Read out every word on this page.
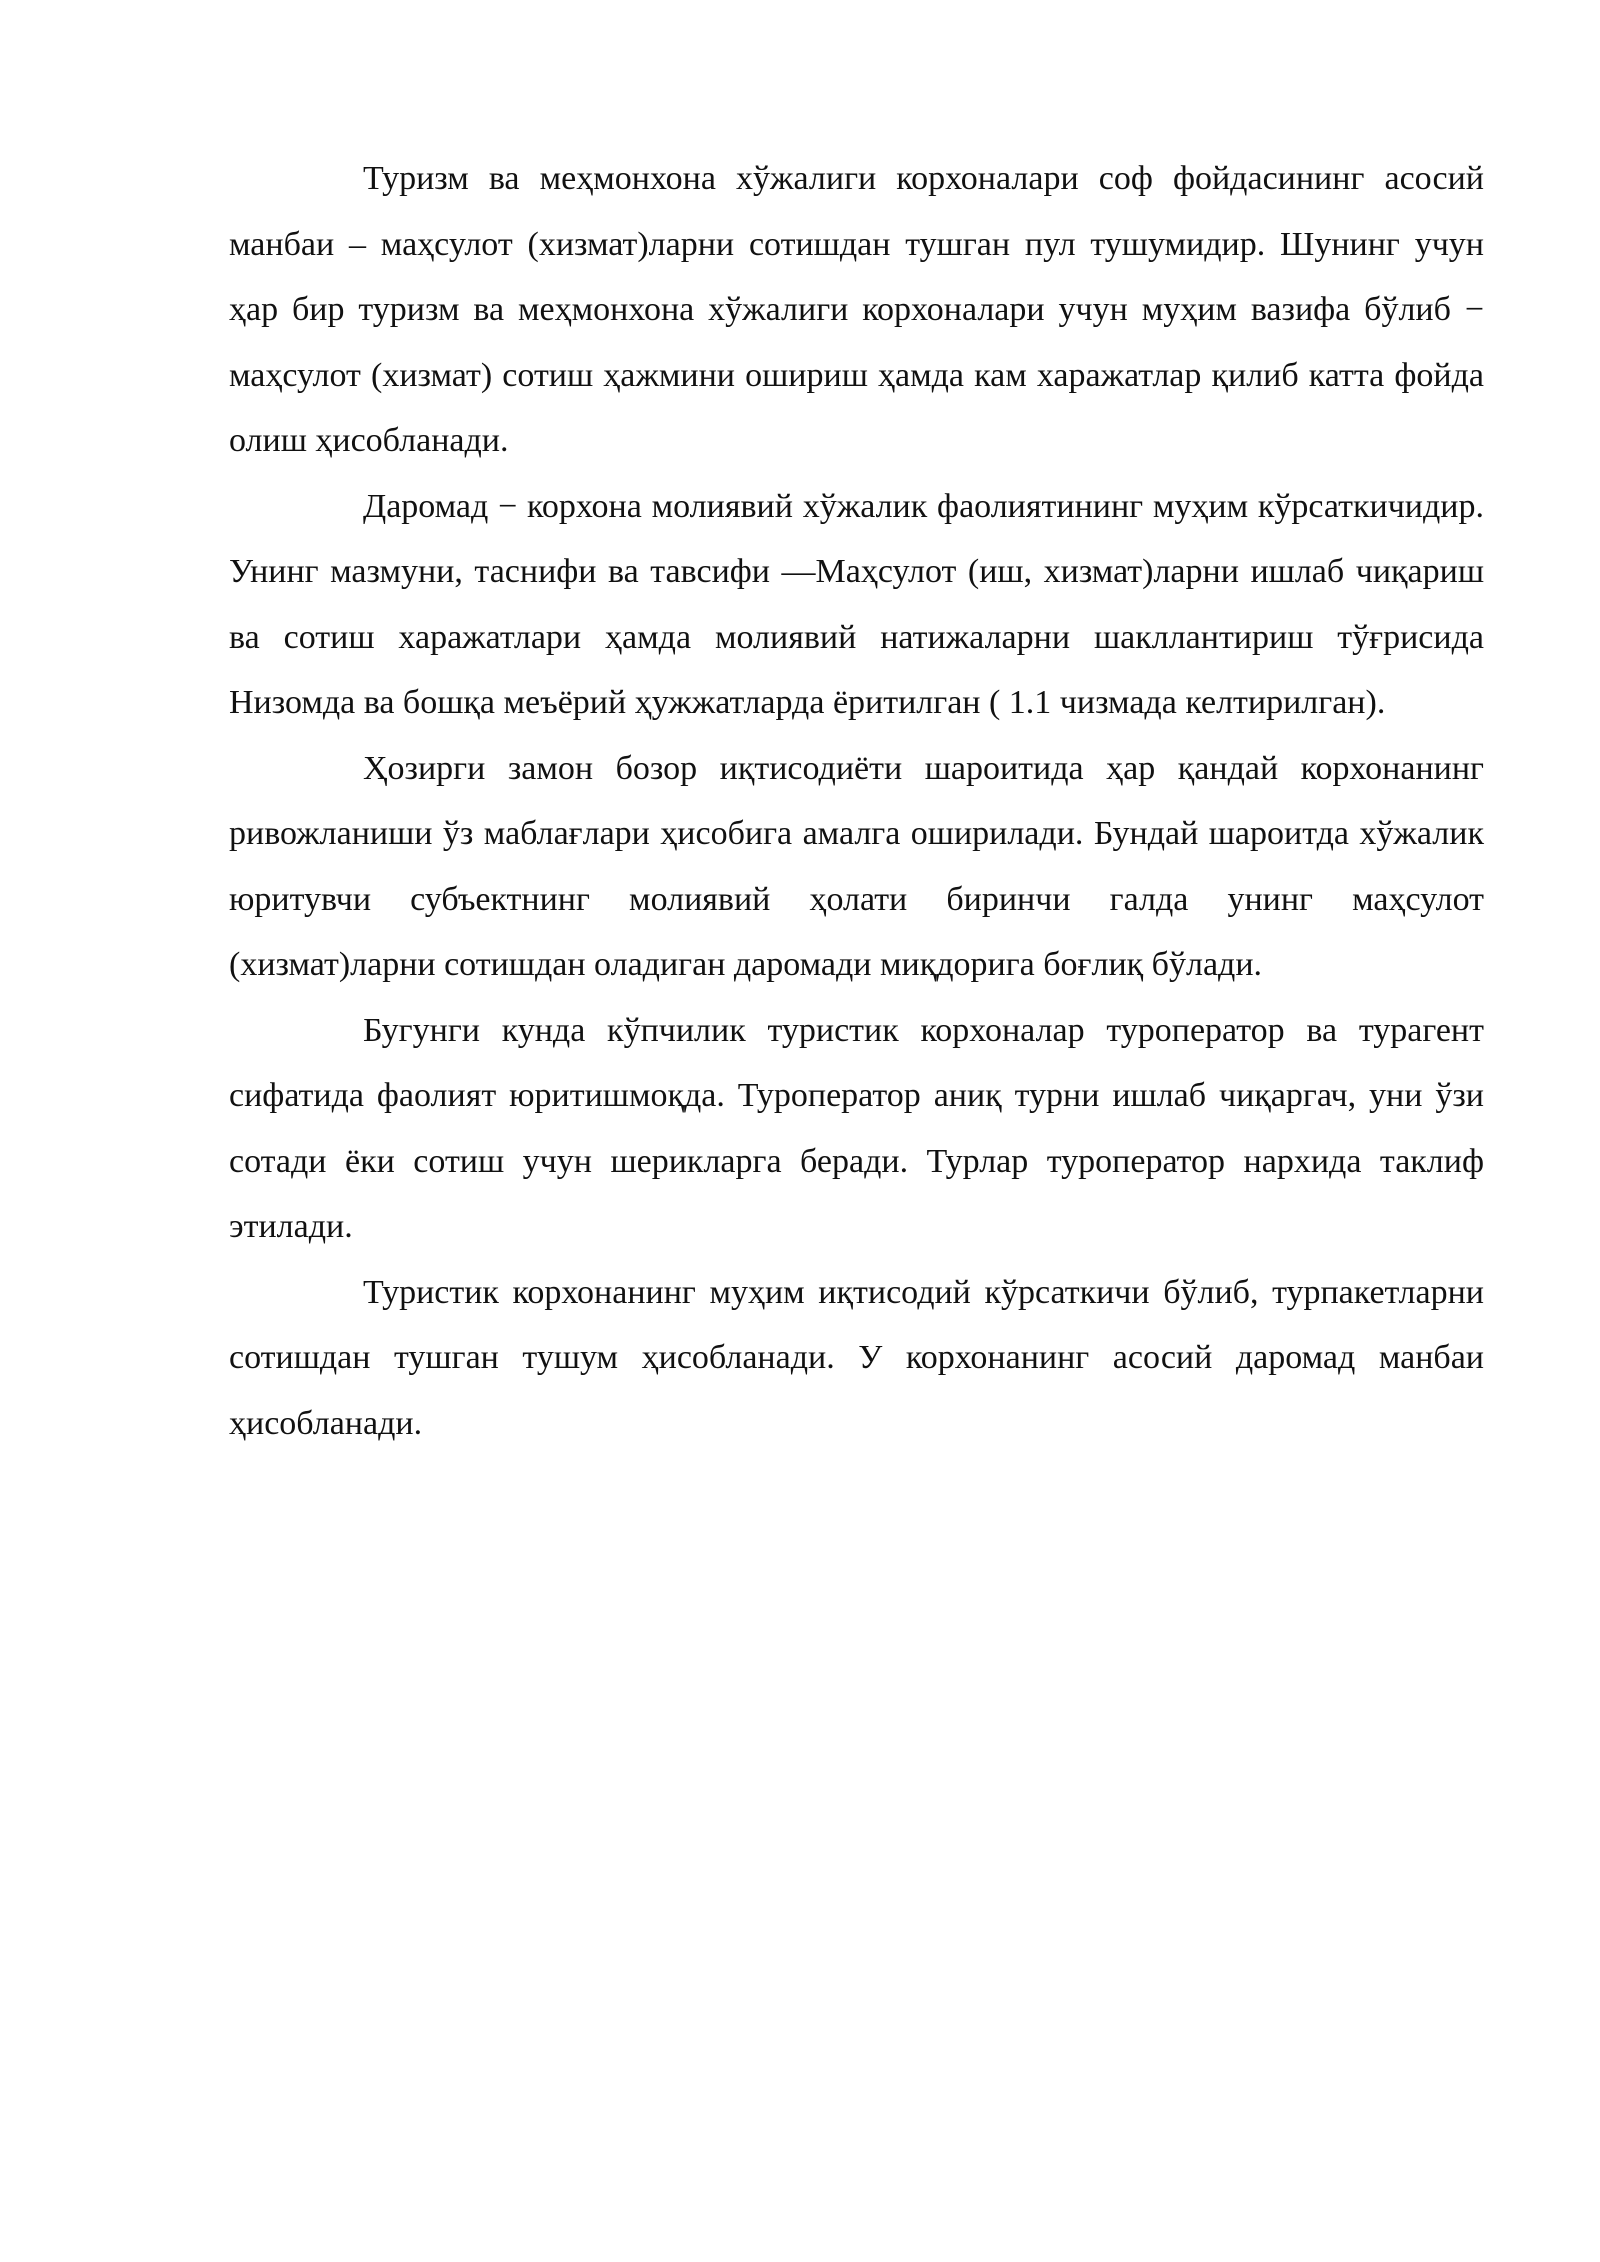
Туризм ва меҳмонхона хўжалиги корхоналари соф фойдасининг асосий манбаи – маҳсулот (хизмат)ларни сотишдан тушган пул тушумидир. Шунинг учун ҳар бир туризм ва меҳмонхона хўжалиги корхоналари учун муҳим вазифа бўлиб − маҳсулот (хизмат) сотиш ҳажмини ошириш ҳамда кам харажатлар қилиб катта фойда олиш ҳисобланади.

Даромад − корхона молиявий хўжалик фаолиятининг муҳим кўрсаткичидир. Унинг мазмуни, таснифи ва тавсифи ―Маҳсулот (иш, хизмат)ларни ишлаб чиқариш ва сотиш харажатлари ҳамда молиявий натижаларни шакллантириш тўғрисида Низомда ва бошқа меъёрий ҳужжатларда ёритилган ( 1.1 чизмада келтирилган).

Ҳозирги замон бозор иқтисодиёти шароитида ҳар қандай корхонанинг ривожланиши ўз маблағлари ҳисобига амалга оширилади. Бундай шароитда хўжалик юритувчи субъектнинг молиявий ҳолати биринчи галда унинг маҳсулот (хизмат)ларни сотишдан оладиган даромади миқдорига боғлиқ бўлади.

Бугунги кунда кўпчилик туристик корхоналар туроператор ва турагент сифатида фаолият юритишмоқда. Туроператор аниқ турни ишлаб чиқаргач, уни ўзи сотади ёки сотиш учун шерикларга беради. Турлар туроператор нархида таклиф этилади.

Туристик корхонанинг муҳим иқтисодий кўрсаткичи бўлиб, турпакетларни сотишдан тушган тушум ҳисобланади. У корхонанинг асосий даромад манбаи ҳисобланади.
